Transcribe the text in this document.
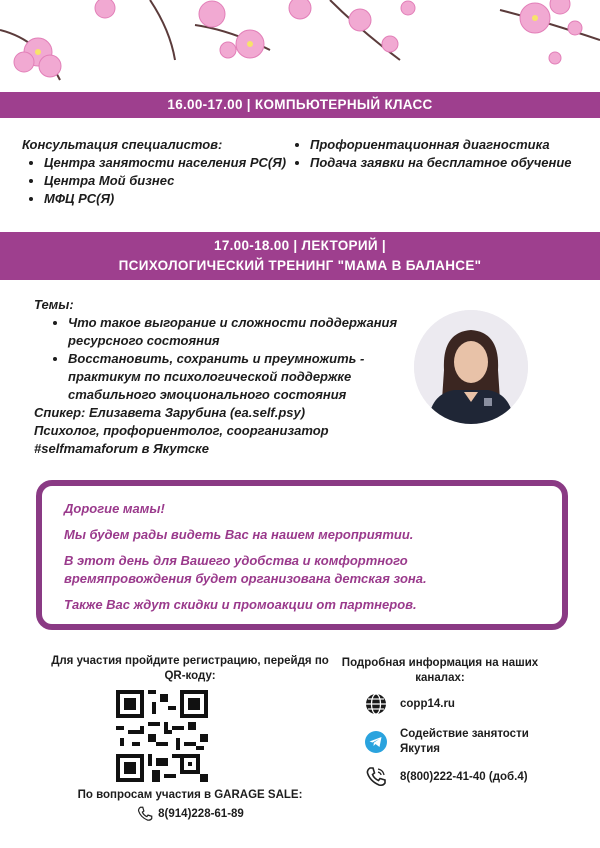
16.00-17.00 | КОМПЬЮТЕРНЫЙ КЛАСС
Консультация специалистов:
• Центра занятости населения РС(Я)
• Центра Мой бизнес
• МФЦ РС(Я)
• Профориентационная диагностика
• Подача заявки на бесплатное обучение
17.00-18.00 | ЛЕКТОРИЙ |
ПСИХОЛОГИЧЕСКИЙ ТРЕНИНГ "МАМА В БАЛАНСЕ"
Темы:
• Что такое выгорание и сложности поддержания ресурсного состояния
• Восстановить, сохранить и преумножить - практикум по психологической поддержке стабильного эмоционального состояния
Спикер: Елизавета Зарубина (ea.self.psy)
Психолог, профориентолог, соорганизатор #selfmamaforum в Якутске

Дорогие мамы!

Мы будем рады видеть Вас на нашем мероприятии.

В этот день для Вашего удобства и комфортного времяпровождения будет организована детская зона.

Также Вас ждут скидки и промоакции от партнеров.

Для участия пройдите регистрацию, перейдя по QR-коду:
По вопросам участия в GARAGE SALE:
8(914)228-61-89
Подробная информация на наших каналах:
copp14.ru
Содействие занятости Якутия
8(800)222-41-40 (доб.4)
